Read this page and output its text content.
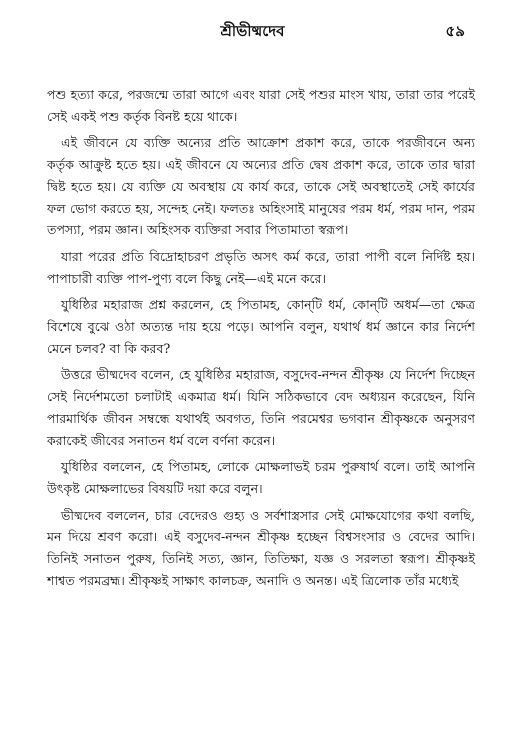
শ্রীভীষ্মদেব	৫৯

পশু হত্যা করে, পরজন্মে তারা আগে এবং যারা সেই পশুর মাংস খায়, তারা তার পরেই সেই একই পশু কর্তৃক বিনষ্ট হয়ে থাকে।

এই জীবনে যে ব্যক্তি অন্যের প্রতি আক্রোশ প্রকাশ করে, তাকে পরজীবনে অন্য কর্তৃক আক্রুষ্ট হতে হয়। এই জীবনে যে অন্যের প্রতি দ্বেষ প্রকাশ করে, তাকে তার দ্বারা দ্বিষ্ট হতে হয়। যে ব্যক্তি যে অবস্থায় যে কার্য করে, তাকে সেই অবস্থাতেই সেই কার্যের ফল ভোগ করতে হয়, সন্দেহ নেই। ফলতঃ অহিংসাই মানুষের পরম ধর্ম, পরম দান, পরম তপস্যা, পরম জ্ঞান। অহিংসক ব্যক্তিরা সবার পিতামাতা স্বরূপ।

যারা পরের প্রতি বিদ্রোহাচরণ প্রভৃতি অসৎ কর্ম করে, তারা পাপী বলে নির্দিষ্ট হয়। পাপাচারী ব্যক্তি পাপ-পুণ্য বলে কিছু নেই—এই মনে করে।

যুধিষ্ঠির মহারাজ প্রশ্ন করলেন, হে পিতামহ, কোন্‌টি ধর্ম, কোন্‌টি অধর্ম—তা ক্ষেত্র বিশেষে বুঝে ওঠা অত্যন্ত দায় হয়ে পড়ে। আপনি বলুন, যথার্থ ধর্ম জ্ঞানে কার নির্দেশ মেনে চলব? বা কি করব?

উত্তরে ভীষ্মদেব বলেন, হে যুধিষ্ঠির মহারাজ, বসুদেব-নন্দন শ্রীকৃষ্ণ যে নির্দেশ দিচ্ছেন সেই নির্দেশমতো চলাটাই একমাত্র ধর্ম। যিনি সঠিকভাবে বেদ অধ্যয়ন করেছেন, যিনি পারমার্থিক জীবন সম্বন্ধে যথার্থই অবগত, তিনি পরমেশ্বর ভগবান শ্রীকৃষ্ণকে অনুসরণ করাকেই জীবের সনাতন ধর্ম বলে বর্ণনা করেন।

যুধিষ্ঠির বললেন, হে পিতামহ, লোকে মোক্ষলাভই চরম পুরুষার্থ বলে। তাই আপনি উৎকৃষ্ট মোক্ষলাভের বিষয়টি দয়া করে বলুন।

ভীষ্মদেব বললেন, চার বেদেরও গুহ্য ও সর্বশাস্ত্রসার সেই মোক্ষযোগের কথা বলছি, মন দিয়ে শ্রবণ করো। এই বসুদেব-নন্দন শ্রীকৃষ্ণ হচ্ছেন বিশ্বসংসার ও বেদের আদি। তিনিই সনাতন পুরুষ, তিনিই সত্য, জ্ঞান, তিতিক্ষা, যজ্ঞ ও সরলতা স্বরূপ। শ্রীকৃষ্ণই শাশ্বত পরমব্রহ্ম। শ্রীকৃষ্ণই সাক্ষাৎ কালচক্র, অনাদি ও অনন্ত। এই ত্রিলোক তাঁর মধ্যেই
